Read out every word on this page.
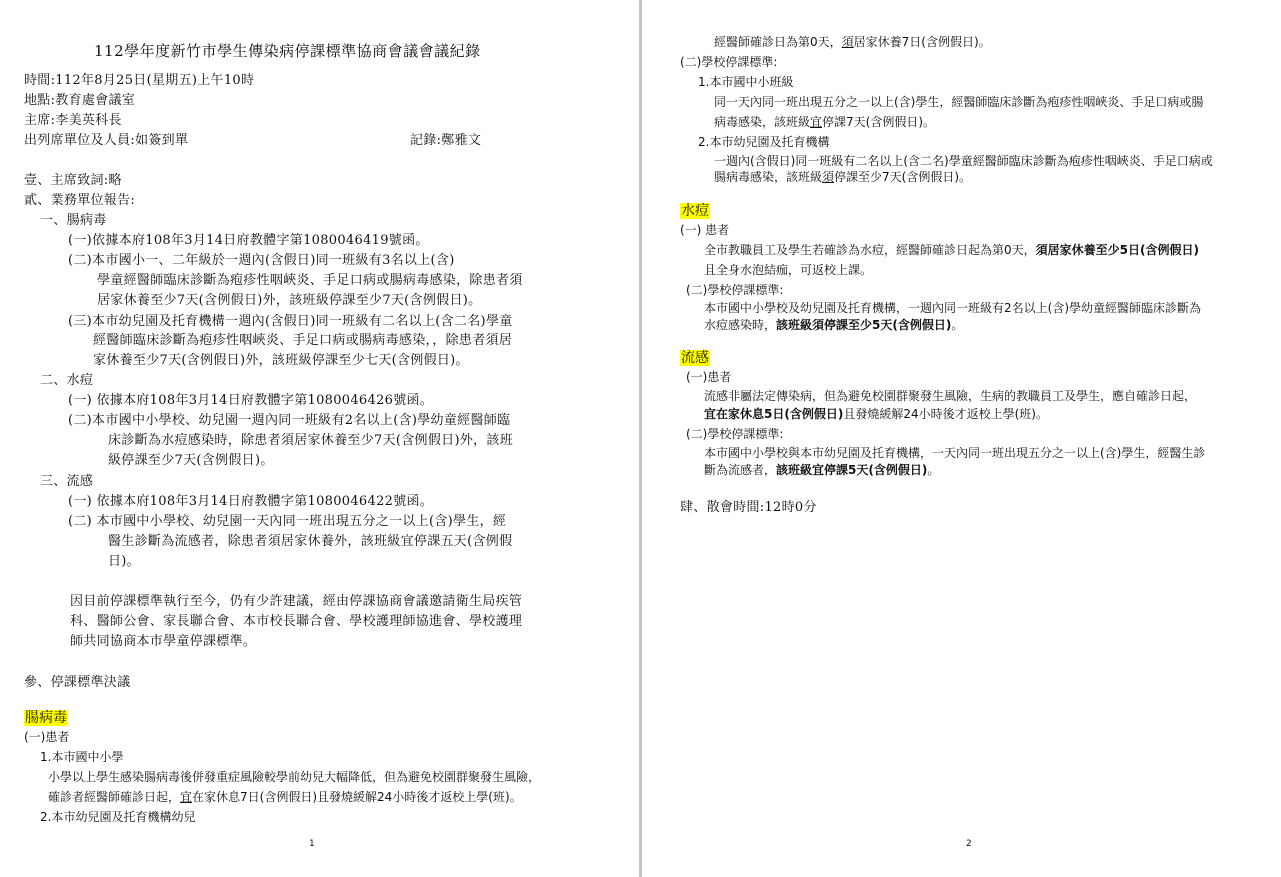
112學年度新竹市學生傳染病停課標準協商會議會議紀錄
時間:112年8月25日(星期五)上午10時
地點:教育處會議室
主席:李美英科長
出列席單位及人員:如簽到單	記錄:鄭雅文
壹、主席致詞:略
貳、業務單位報告:
一、腸病毒
(一)依據本府108年3月14日府教體字第1080046419號函。
(二)本市國小一、二年級於一週內(含假日)同一班級有3名以上(含)
學童經醫師臨床診斷為疱疹性咽峽炎、手足口病或腸病毒感染，除患者須
居家休養至少7天(含例假日)外，該班級停課至少7天(含例假日)。
(三)本市幼兒園及托育機構一週內(含假日)同一班級有二名以上(含二名)學童
經醫師臨床診斷為疱疹性咽峽炎、手足口病或腸病毒感染，，除患者須居
家休養至少7天(含例假日)外，該班級停課至少七天(含例假日)。
二、水痘
(一) 依據本府108年3月14日府教體字第1080046426號函。
(二)本市國中小學校、幼兒園一週內同一班級有2名以上(含)學幼童經醫師臨
床診斷為水痘感染時，除患者須居家休養至少7天(含例假日)外，該班
級停課至少7天(含例假日)。
三、流感
(一) 依據本府108年3月14日府教體字第1080046422號函。
(二) 本市國中小學校、幼兒園一天內同一班出現五分之一以上(含)學生，經
醫生診斷為流感者，除患者須居家休養外，該班級宜停課五天(含例假
日)。
因目前停課標準執行至今，仍有少許建議，經由停課協商會議邀請衛生局疾管
科、醫師公會、家長聯合會、本市校長聯合會、學校護理師協進會、學校護理
師共同協商本市學童停課標準。
參、停課標準決議
腸病毒
(一)患者
1.本市國中小學
小學以上學生感染腸病毒後併發重症風險較學前幼兒大幅降低，但為避免校園群聚發生風險，
確診者經醫師確診日起，宜在家休息7日(含例假日)且發燒緩解24小時後才返校上學(班)。
2.本市幼兒園及托育機構幼兒
1
經醫師確診日為第0天，須居家休養7日(含例假日)。
(二)學校停課標準:
1.本市國中小班級
同一天內同一班出現五分之一以上(含)學生，經醫師臨床診斷為疱疹性咽峽炎、手足口病或腸
病毒感染，該班級宜停課7天(含例假日)。
2.本市幼兒園及托育機構
一週內(含假日)同一班級有二名以上(含二名)學童經醫師臨床診斷為疱疹性咽峽炎、手足口病或
腸病毒感染，該班級須停課至少7天(含例假日)。
水痘
(一) 患者
全市教職員工及學生若確診為水痘，經醫師確診日起為第0天，須居家休養至少5日(含例假日)
且全身水泡結痂，可返校上課。
(二)學校停課標準:
本市國中小學校及幼兒園及托育機構，一週內同一班級有2名以上(含)學幼童經醫師臨床診斷為
水痘感染時，該班級須停課至少5天(含例假日)。
流感
(一)患者
流感非屬法定傳染病，但為避免校園群聚發生風險，生病的教職員工及學生，應自確診日起，
宜在家休息5日(含例假日)且發燒緩解24小時後才返校上學(班)。
(二)學校停課標準:
本市國中小學校與本市幼兒園及托育機構，一天內同一班出現五分之一以上(含)學生，經醫生診
斷為流感者，該班級宜停課5天(含例假日)。
肆、散會時間:12時0分
2
